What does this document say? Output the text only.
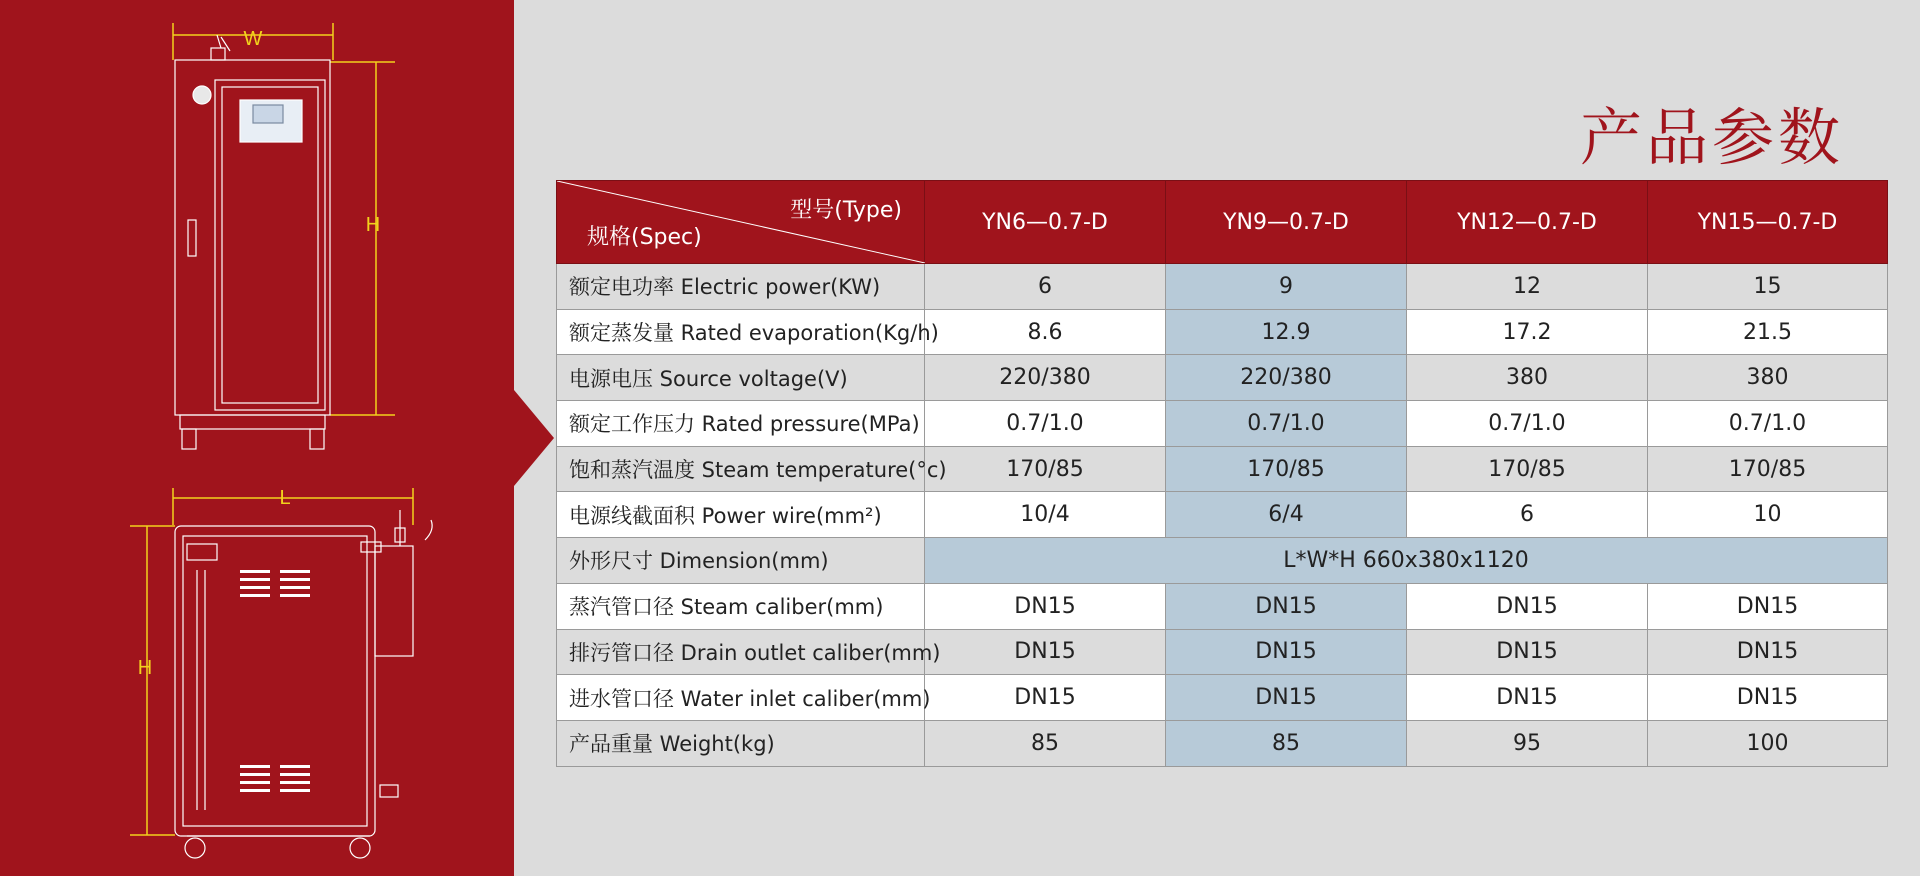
W
H
L
H
产品参数
型号(Type)
规格(Spec)	YN6—0.7-D	YN9—0.7-D	YN12—0.7-D	YN15—0.7-D
额定电功率 Electric power(KW)	6	9	12	15
额定蒸发量 Rated evaporation(Kg/h)	8.6	12.9	17.2	21.5
电源电压 Source voltage(V)	220/380	220/380	380	380
额定工作压力 Rated pressure(MPa)	0.7/1.0	0.7/1.0	0.7/1.0	0.7/1.0
饱和蒸汽温度 Steam temperature(°c)	170/85	170/85	170/85	170/85
电源线截面积 Power wire(mm²)	10/4	6/4	6	10
外形尺寸 Dimension(mm)	L*W*H 660x380x1120			
蒸汽管口径 Steam caliber(mm)	DN15	DN15	DN15	DN15
排污管口径 Drain outlet caliber(mm)	DN15	DN15	DN15	DN15
进水管口径 Water inlet caliber(mm)	DN15	DN15	DN15	DN15
产品重量 Weight(kg)	85	85	95	100
